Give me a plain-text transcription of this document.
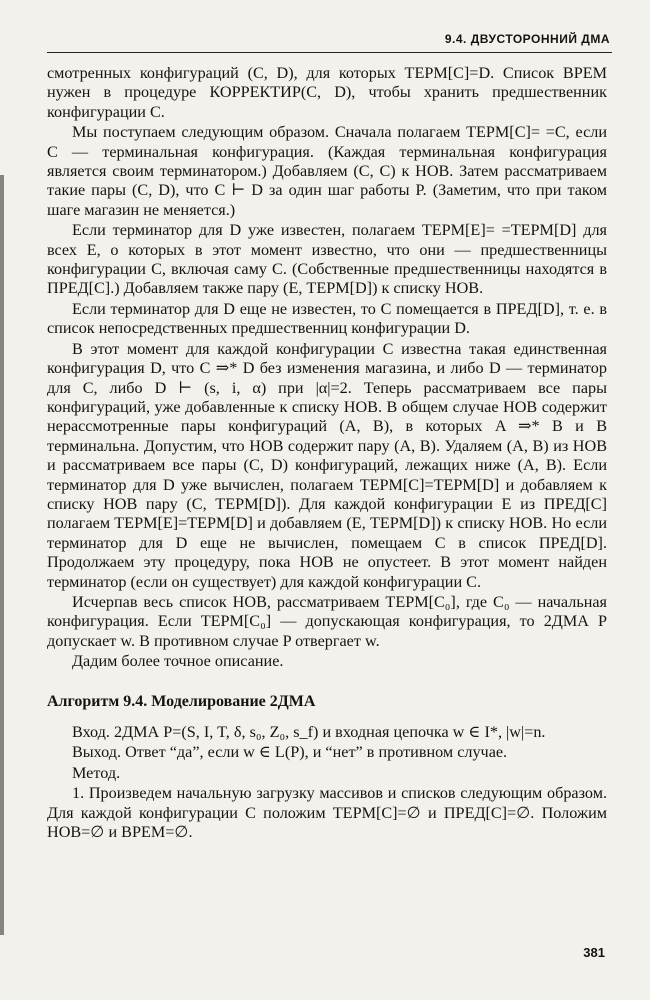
9.4. ДВУСТОРОННИЙ ДМА

смотренных конфигураций (C, D), для которых ТЕРМ[C]=D. Список ВРЕМ нужен в процедуре КОРРЕКТИР(C, D), чтобы хранить предшественник конфигурации C.

Мы поступаем следующим образом. Сначала полагаем ТЕРМ[C]= =C, если C — терминальная конфигурация. (Каждая терминальная конфигурация является своим терминатором.) Добавляем (C, C) к НОВ. Затем рассматриваем такие пары (C, D), что C ⊢ D за один шаг работы P. (Заметим, что при таком шаге магазин не меняется.)

Если терминатор для D уже известен, полагаем ТЕРМ[E]= =ТЕРМ[D] для всех E, о которых в этот момент известно, что они — предшественницы конфигурации C, включая саму C. (Собственные предшественницы находятся в ПРЕД[C].) Добавляем также пару (E, ТЕРМ[D]) к списку НОВ.

Если терминатор для D еще не известен, то C помещается в ПРЕД[D], т. е. в список непосредственных предшественниц конфигурации D.

В этот момент для каждой конфигурации C известна такая единственная конфигурация D, что C ⇒* D без изменения магазина, и либо D — терминатор для C, либо D ⊢ (s, i, α) при |α|=2. Теперь рассматриваем все пары конфигураций, уже добавленные к списку НОВ. В общем случае НОВ содержит нерассмотренные пары конфигураций (A, B), в которых A ⇒* B и B терминальна. Допустим, что НОВ содержит пару (A, B). Удаляем (A, B) из НОВ и рассматриваем все пары (C, D) конфигураций, лежащих ниже (A, B). Если терминатор для D уже вычислен, полагаем ТЕРМ[C]=ТЕРМ[D] и добавляем к списку НОВ пару (C, ТЕРМ[D]). Для каждой конфигурации E из ПРЕД[C] полагаем ТЕРМ[E]=ТЕРМ[D] и добавляем (E, ТЕРМ[D]) к списку НОВ. Но если терминатор для D еще не вычислен, помещаем C в список ПРЕД[D]. Продолжаем эту процедуру, пока НОВ не опустеет. В этот момент найден терминатор (если он существует) для каждой конфигурации C.

Исчерпав весь список НОВ, рассматриваем ТЕРМ[C₀], где C₀ — начальная конфигурация. Если ТЕРМ[C₀] — допускающая конфигурация, то 2ДМА P допускает w. В противном случае P отвергает w.

Дадим более точное описание.

Алгоритм 9.4. Моделирование 2ДМА

Вход. 2ДМА P=(S, I, T, δ, s₀, Z₀, s_f) и входная цепочка w ∈ I*, |w|=n.

Выход. Ответ “да”, если w ∈ L(P), и “нет” в противном случае.

Метод.

1. Произведем начальную загрузку массивов и списков следующим образом. Для каждой конфигурации C положим ТЕРМ[C]=∅ и ПРЕД[C]=∅. Положим НОВ=∅ и ВРЕМ=∅.

381
